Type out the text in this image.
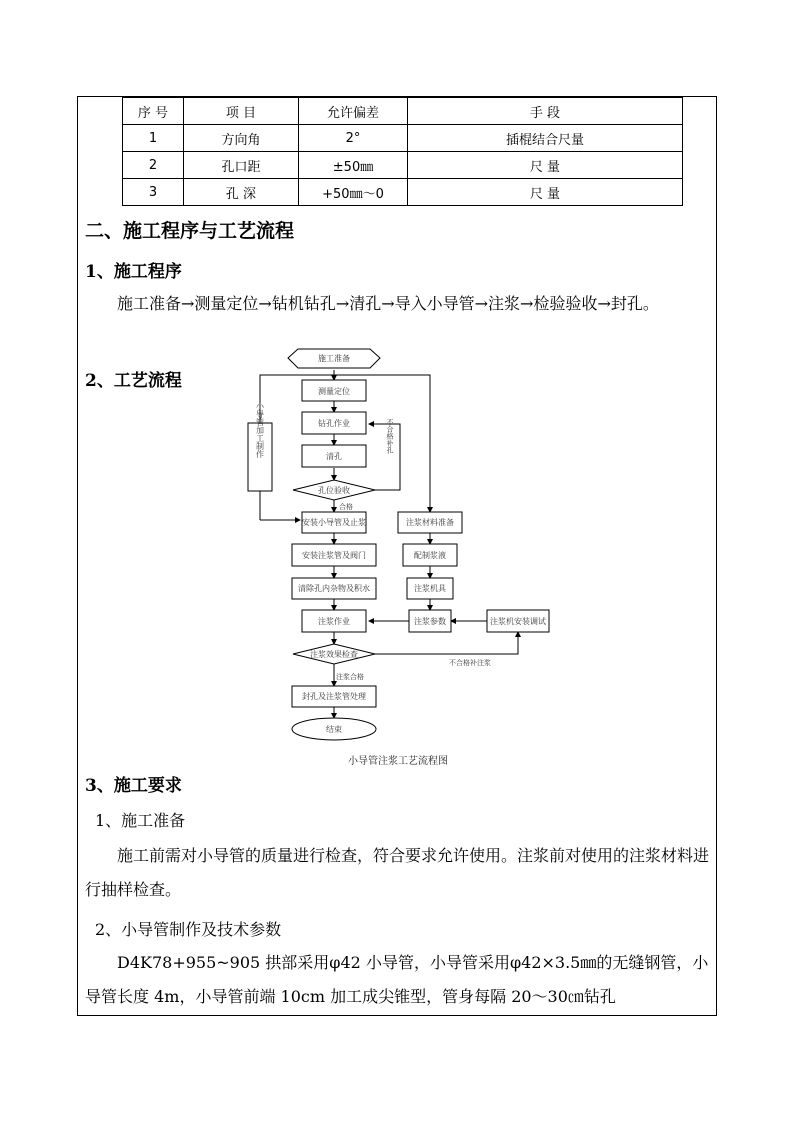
序 号	项 目	允许偏差	手 段
1	方向角	2°	插棍结合尺量
2	孔口距	±50㎜	尺 量
3	孔 深	+50㎜～0	尺 量
二、施工程序与工艺流程
1、施工程序
施工准备→测量定位→钻机钻孔→清孔→导入小导管→注浆→检验验收→封孔。
2、工艺流程
施工准备
测量定位
钻孔作业
清孔
孔位验收
安装小导管及止浆
安装注浆管及阀门
清除孔内杂物及积水
注浆作业
注浆效果检查
封孔及注浆管处理
结束
注浆材料准备
配制浆液
注浆机具
注浆参数	注浆机安装调试
合格
注浆合格
不合格补注浆
小导管加工制作	不合格补孔
小导管注浆工艺流程图
3、施工要求
1、施工准备
施工前需对小导管的质量进行检查，符合要求允许使用。注浆前对使用的注浆材料进行抽样检查。
2、小导管制作及技术参数
D4K78+955~905 拱部采用φ42 小导管，小导管采用φ42×3.5㎜的无缝钢管，小导管长度 4m，小导管前端 10cm 加工成尖锥型，管身每隔 20～30㎝钻孔
